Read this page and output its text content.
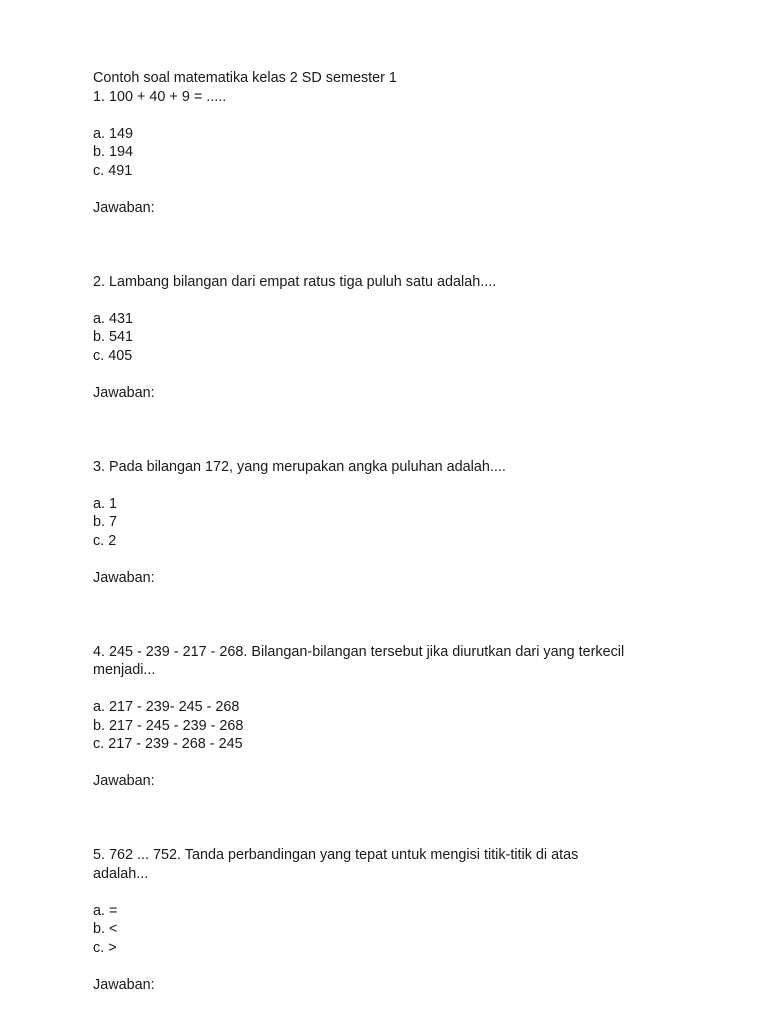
Contoh soal matematika kelas 2 SD semester 1

1. 100 + 40 + 9 = .....

a. 149

b. 194

c. 491

Jawaban:

2. Lambang bilangan dari empat ratus tiga puluh satu adalah....

a. 431

b. 541

c. 405

Jawaban:

3. Pada bilangan 172, yang merupakan angka puluhan adalah....

a. 1

b. 7

c. 2

Jawaban:

4. 245 - 239 - 217 - 268. Bilangan-bilangan tersebut jika diurutkan dari yang terkecil

menjadi...

a. 217 - 239- 245 - 268

b. 217 - 245 - 239 - 268

c. 217 - 239 - 268 - 245

Jawaban:

5. 762 ... 752. Tanda perbandingan yang tepat untuk mengisi titik-titik di atas

adalah...

a. =

b. <

c. >

Jawaban:
